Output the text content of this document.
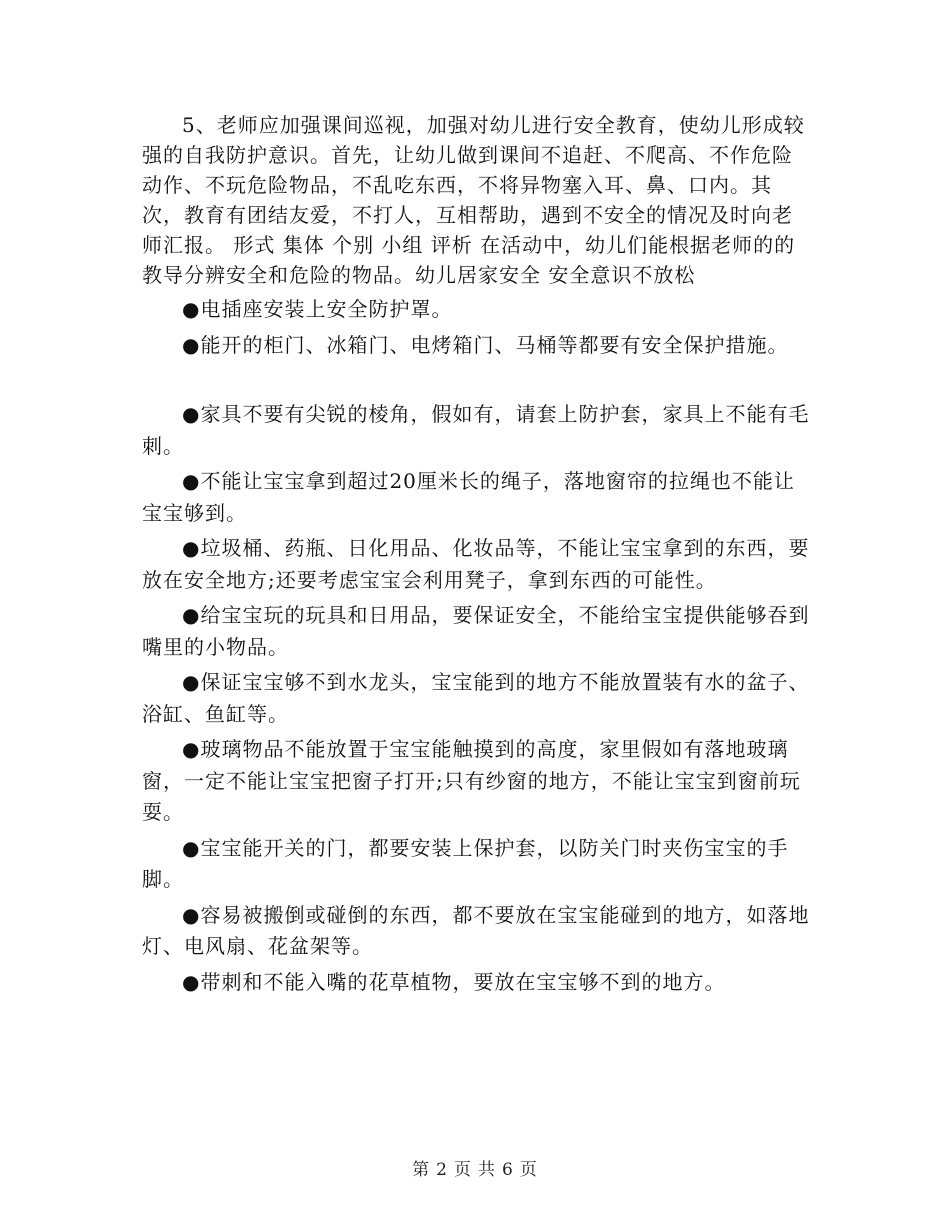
5、老师应加强课间巡视，加强对幼儿进行安全教育，使幼儿形成较强的自我防护意识。首先，让幼儿做到课间不追赶、不爬高、不作危险动作、不玩危险物品，不乱吃东西，不将异物塞入耳、鼻、口内。其次，教育有团结友爱，不打人，互相帮助，遇到不安全的情况及时向老师汇报。 形式 集体 个别 小组 评析 在活动中，幼儿们能根据老师的的教导分辨安全和危险的物品。幼儿居家安全 安全意识不放松

●电插座安装上安全防护罩。

●能开的柜门、冰箱门、电烤箱门、马桶等都要有安全保护措施。

●家具不要有尖锐的棱角，假如有，请套上防护套，家具上不能有毛刺。

●不能让宝宝拿到超过20厘米长的绳子，落地窗帘的拉绳也不能让宝宝够到。

●垃圾桶、药瓶、日化用品、化妆品等，不能让宝宝拿到的东西，要放在安全地方;还要考虑宝宝会利用凳子，拿到东西的可能性。

●给宝宝玩的玩具和日用品，要保证安全，不能给宝宝提供能够吞到嘴里的小物品。

●保证宝宝够不到水龙头，宝宝能到的地方不能放置装有水的盆子、浴缸、鱼缸等。

●玻璃物品不能放置于宝宝能触摸到的高度，家里假如有落地玻璃窗，一定不能让宝宝把窗子打开;只有纱窗的地方，不能让宝宝到窗前玩耍。

●宝宝能开关的门，都要安装上保护套，以防关门时夹伤宝宝的手脚。

●容易被搬倒或碰倒的东西，都不要放在宝宝能碰到的地方，如落地灯、电风扇、花盆架等。

●带刺和不能入嘴的花草植物，要放在宝宝够不到的地方。

第 2 页 共 6 页
